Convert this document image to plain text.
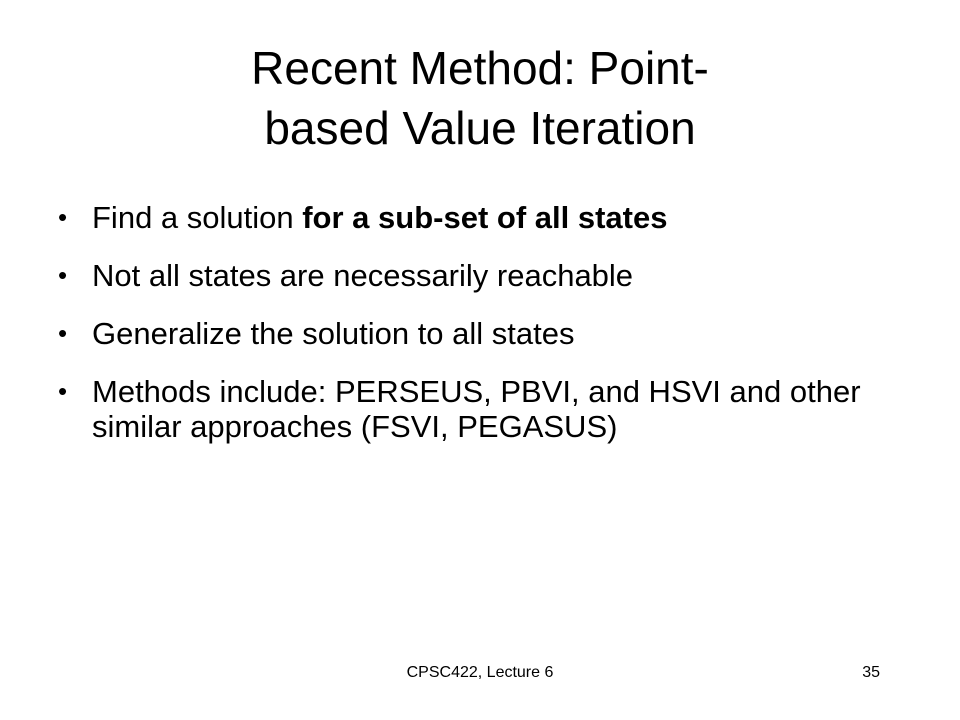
Recent Method: Point-
based Value Iteration
• Find a solution for a sub-set of all states
• Not all states are necessarily reachable
• Generalize the solution to all states
• Methods include: PERSEUS, PBVI, and HSVI and other similar approaches (FSVI, PEGASUS)
CPSC422, Lecture 6	35
